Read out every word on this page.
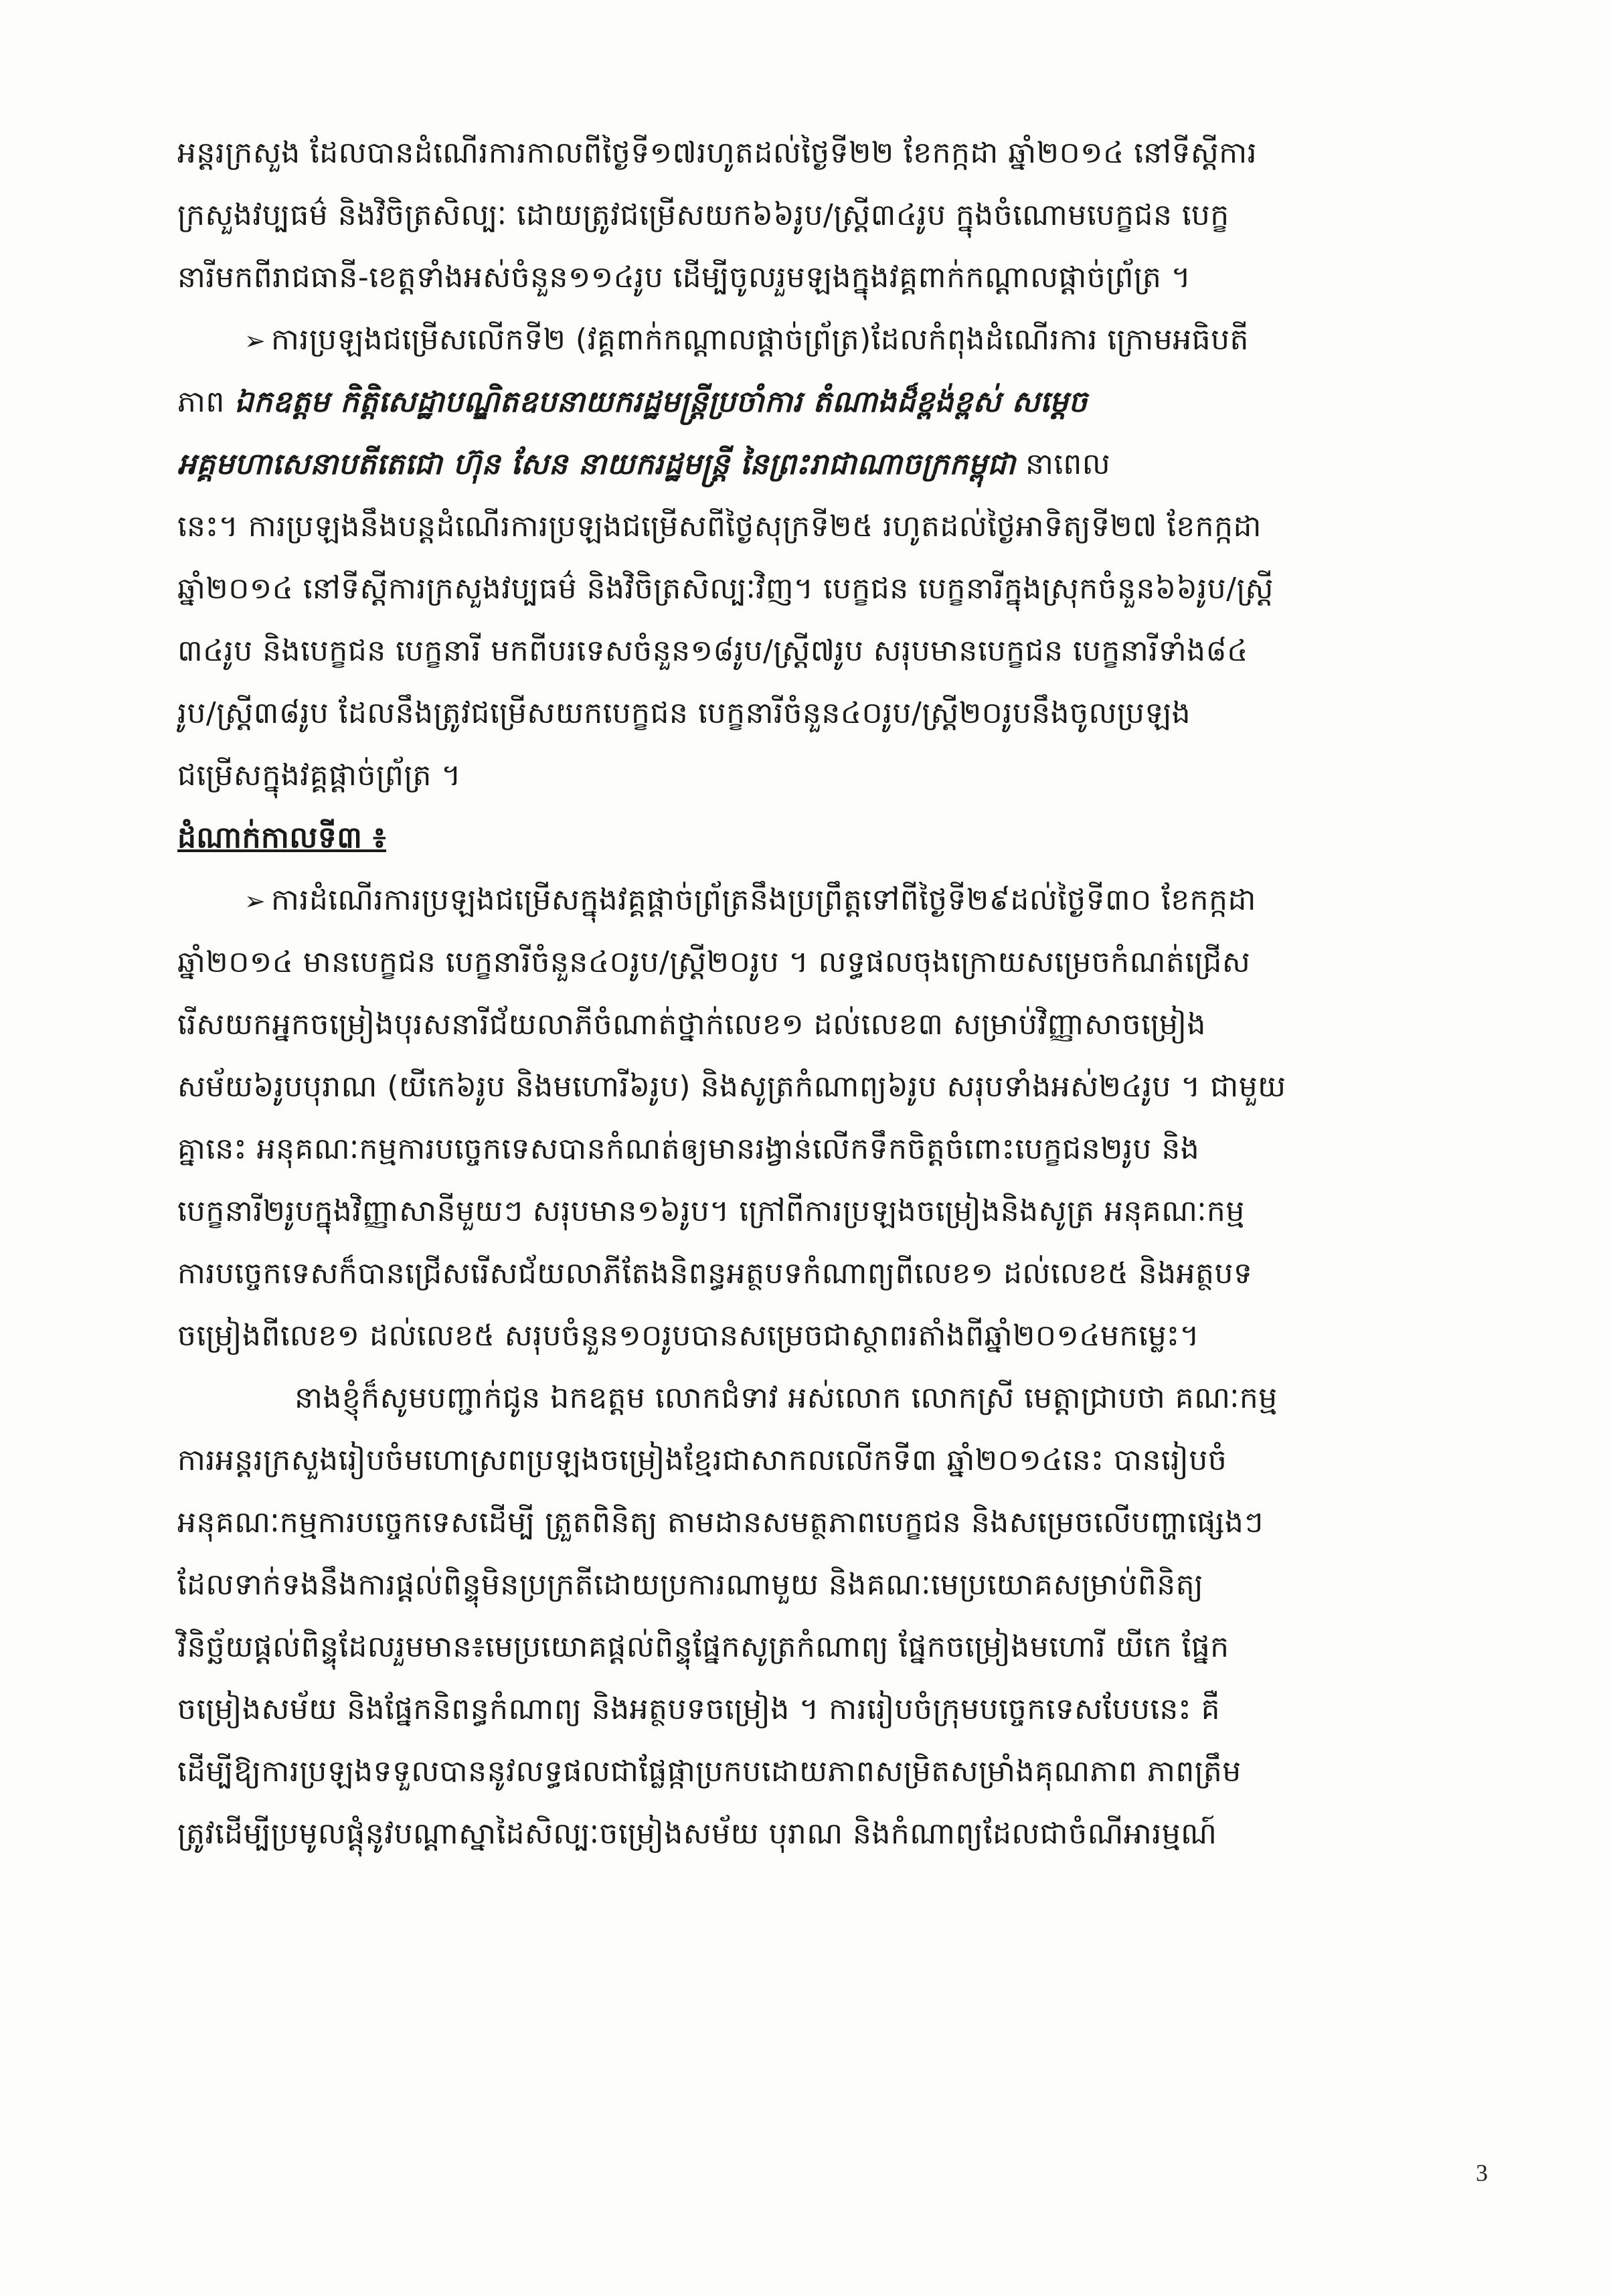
អន្តរក្រសួង ដែលបានដំណើរការកាលពីថ្ងៃទី១៧រហូតដល់ថ្ងៃទី២២ ខែកក្កដា ឆ្នាំ២០១៤ នៅទីស្តីការ
ក្រសួងវប្បធម៌ និងវិចិត្រសិល្បៈ ដោយត្រូវជម្រើសយក៦៦រូប/ស្ត្រី៣៤រូប ក្នុងចំណោមបេក្ខជន បេក្ខ
នារីមកពីរាជធានី-ខេត្តទាំងអស់ចំនួន១១៤រូប ដើម្បីចូលរួមឡងក្នុងវគ្គពាក់កណ្តាលផ្តាច់ព្រ័ត្រ ។
➢ ការប្រឡងជម្រើសលើកទី២ (វគ្គពាក់កណ្តាលផ្តាច់ព្រ័ត្រ)ដែលកំពុងដំណើរការ ក្រោមអធិបតី
ភាព ឯកឧត្តម កិត្តិសេដ្ឋាបណ្ឌិតឧបនាយករដ្ឋមន្ត្រីប្រចាំការ តំណាងដ៏ខ្ពង់ខ្ពស់ សម្តេច
អគ្គមហាសេនាបតីតេជោ ហ៊ុន សែន នាយករដ្ឋមន្ត្រី នៃព្រះរាជាណាចក្រកម្ពុជា នាពេល
នេះ។ ការប្រឡងនឹងបន្តដំណើរការប្រឡងជម្រើសពីថ្ងៃសុក្រទី២៥ រហូតដល់ថ្ងៃអាទិត្យទី២៧ ខែកក្កដា
ឆ្នាំ២០១៤ នៅទីស្តីការក្រសួងវប្បធម៌ និងវិចិត្រសិល្បៈវិញ។ បេក្ខជន បេក្ខនារីក្នុងស្រុកចំនួន៦៦រូប/ស្ត្រី
៣៤រូប និងបេក្ខជន បេក្ខនារី មកពីបរទេសចំនួន១៨រូប/ស្ត្រី៧រូប សរុបមានបេក្ខជន បេក្ខនារីទាំង៨៤
រូប/ស្ត្រី៣៨រូប ដែលនឹងត្រូវជម្រើសយកបេក្ខជន បេក្ខនារីចំនួន៤០រូប/ស្ត្រី២០រូបនឹងចូលប្រឡង
ជម្រើសក្នុងវគ្គផ្តាច់ព្រ័ត្រ ។
ដំណាក់កាលទី៣ ៖
➢ ការដំណើរការប្រឡងជម្រើសក្នុងវគ្គផ្តាច់ព្រ័ត្រនឹងប្រព្រឹត្តទៅពីថ្ងៃទី២៩ដល់ថ្ងៃទី៣០ ខែកក្កដា
ឆ្នាំ២០១៤ មានបេក្ខជន បេក្ខនារីចំនួន៤០រូប/ស្ត្រី២០រូប ។ លទ្ធផលចុងក្រោយសម្រេចកំណត់ជ្រើស
រើសយកអ្នកចម្រៀងបុរសនារីជ័យលាភីចំណាត់ថ្នាក់លេខ១ ដល់លេខ៣ សម្រាប់វិញ្ញាសាចម្រៀង
សម័យ៦រូបបុរាណ (យីកេ៦រូប និងមហោរី៦រូប) និងសូត្រកំណាព្យ៦រូប សរុបទាំងអស់២៤រូប ។ ជាមួយ
គ្នានេះ អនុគណៈកម្មការបច្ចេកទេសបានកំណត់ឲ្យមានរង្វាន់លើកទឹកចិត្តចំពោះបេក្ខជន២រូប និង
បេក្ខនារី២រូបក្នុងវិញ្ញាសានីមួយៗ សរុបមាន១៦រូប។ ក្រៅពីការប្រឡងចម្រៀងនិងសូត្រ អនុគណៈកម្ម
ការបច្ចេកទេសក៏បានជ្រើសរើសជ័យលាភីតែងនិពន្ធអត្ថបទកំណាព្យពីលេខ១ ដល់លេខ៥ និងអត្ថបទ
ចម្រៀងពីលេខ១ ដល់លេខ៥ សរុបចំនួន១០រូបបានសម្រេចជាស្ថាពរតាំងពីឆ្នាំ២០១៤មកម្លេះ។
នាងខ្ញុំក៏សូមបញ្ជាក់ជូន ឯកឧត្តម លោកជំទាវ អស់លោក លោកស្រី មេត្តាជ្រាបថា គណៈកម្ម
ការអន្តរក្រសួងរៀបចំមហោស្រពប្រឡងចម្រៀងខ្មែរជាសាកលលើកទី៣ ឆ្នាំ២០១៤នេះ បានរៀបចំ
អនុគណៈកម្មការបច្ចេកទេសដើម្បី ត្រួតពិនិត្យ តាមដានសមត្ថភាពបេក្ខជន និងសម្រេចលើបញ្ហាផ្សេងៗ
ដែលទាក់ទងនឹងការផ្តល់ពិន្ទុមិនប្រក្រតីដោយប្រការណាមួយ និងគណៈមេប្រយោគសម្រាប់ពិនិត្យ
វិនិច្ឆ័យផ្តល់ពិន្ទុដែលរួមមាន៖មេប្រយោគផ្តល់ពិន្ទុផ្នែកសូត្រកំណាព្យ ផ្នែកចម្រៀងមហោរី យីកេ ផ្នែក
ចម្រៀងសម័យ និងផ្នែកនិពន្ធកំណាព្យ និងអត្ថបទចម្រៀង ។ ការរៀបចំក្រុមបច្ចេកទេសបែបនេះ គឺ
ដើម្បីឱ្យការប្រឡងទទួលបាននូវលទ្ធផលជាផ្លែផ្កាប្រកបដោយភាពសម្រិតសម្រាំងគុណភាព ភាពត្រឹម
ត្រូវដើម្បីប្រមូលផ្តុំនូវបណ្តាស្នាដៃសិល្បៈចម្រៀងសម័យ បុរាណ និងកំណាព្យដែលជាចំណីអារម្មណ៍
3
